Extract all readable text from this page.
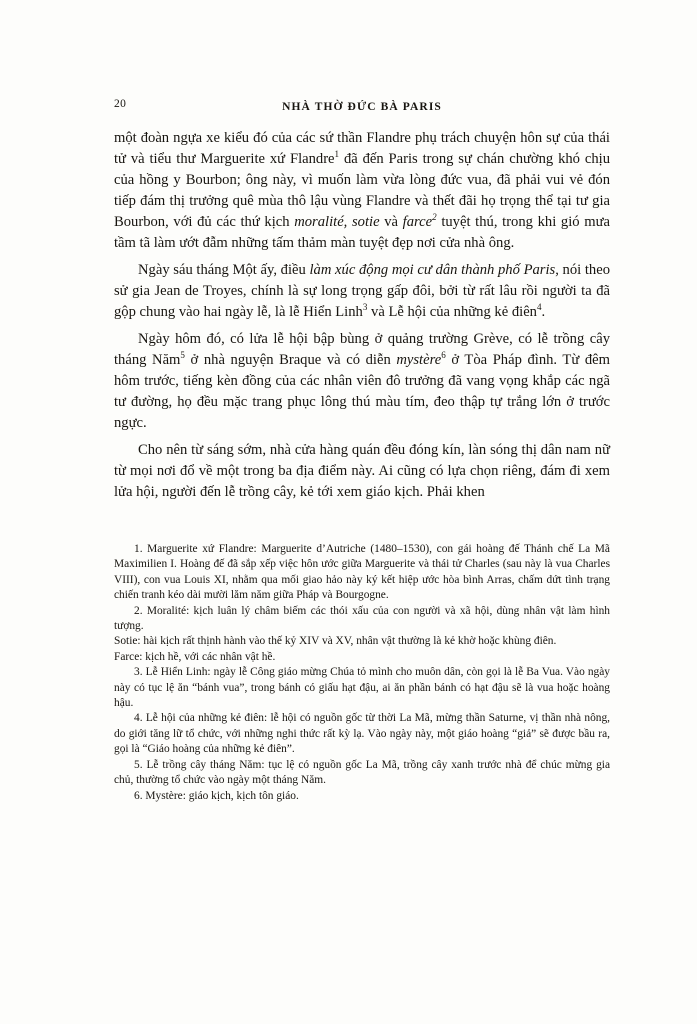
20	NHÀ THỜ ĐỨC BÀ PARIS

một đoàn ngựa xe kiểu đó của các sứ thần Flandre phụ trách chuyện hôn sự của thái tử và tiểu thư Marguerite xứ Flandre$^1$ đã đến Paris trong sự chán chường khó chịu của hồng y Bourbon; ông này, vì muốn làm vừa lòng đức vua, đã phải vui vẻ đón tiếp đám thị trưởng quê mùa thô lậu vùng Flandre và thết đãi họ trọng thể tại tư gia Bourbon, với đủ các thứ kịch moralité, sotie và farce$^2$ tuyệt thú, trong khi gió mưa tầm tã làm ướt đẫm những tấm thảm màn tuyệt đẹp nơi cửa nhà ông.

Ngày sáu tháng Một ấy, điều làm xúc động mọi cư dân thành phố Paris, nói theo sử gia Jean de Troyes, chính là sự long trọng gấp đôi, bởi từ rất lâu rồi người ta đã gộp chung vào hai ngày lễ, là lễ Hiển Linh$^3$ và Lễ hội của những kẻ điên$^4$.

Ngày hôm đó, có lửa lễ hội bập bùng ở quảng trường Grève, có lễ trồng cây tháng Năm$^5$ ở nhà nguyện Braque và có diễn mystère$^6$ ở Tòa Pháp đình. Từ đêm hôm trước, tiếng kèn đồng của các nhân viên đô trưởng đã vang vọng khắp các ngã tư đường, họ đều mặc trang phục lông thú màu tím, đeo thập tự trắng lớn ở trước ngực.

Cho nên từ sáng sớm, nhà cửa hàng quán đều đóng kín, làn sóng thị dân nam nữ từ mọi nơi đổ về một trong ba địa điểm này. Ai cũng có lựa chọn riêng, đám đi xem lửa hội, người đến lễ trồng cây, kẻ tới xem giáo kịch. Phải khen

1. Marguerite xứ Flandre: Marguerite d’Autriche (1480–1530), con gái hoàng đế Thánh chế La Mã Maximilien I. Hoàng đế đã sắp xếp việc hôn ước giữa Marguerite và thái tử Charles (sau này là vua Charles VIII), con vua Louis XI, nhằm qua mối giao hảo này ký kết hiệp ước hòa bình Arras, chấm dứt tình trạng chiến tranh kéo dài mười lăm năm giữa Pháp và Bourgogne.

2. Moralité: kịch luân lý châm biếm các thói xấu của con người và xã hội, dùng nhân vật làm hình tượng.

Sotie: hài kịch rất thịnh hành vào thế kỷ XIV và XV, nhân vật thường là kẻ khờ hoặc khùng điên.

Farce: kịch hề, với các nhân vật hề.

3. Lễ Hiển Linh: ngày lễ Công giáo mừng Chúa tỏ mình cho muôn dân, còn gọi là lễ Ba Vua. Vào ngày này có tục lệ ăn “bánh vua”, trong bánh có giấu hạt đậu, ai ăn phần bánh có hạt đậu sẽ là vua hoặc hoàng hậu.

4. Lễ hội của những kẻ điên: lễ hội có nguồn gốc từ thời La Mã, mừng thần Saturne, vị thần nhà nông, do giới tăng lữ tổ chức, với những nghi thức rất kỳ lạ. Vào ngày này, một giáo hoàng “giả” sẽ được bầu ra, gọi là “Giáo hoàng của những kẻ điên”.

5. Lễ trồng cây tháng Năm: tục lệ có nguồn gốc La Mã, trồng cây xanh trước nhà để chúc mừng gia chủ, thường tổ chức vào ngày một tháng Năm.

6. Mystère: giáo kịch, kịch tôn giáo.
